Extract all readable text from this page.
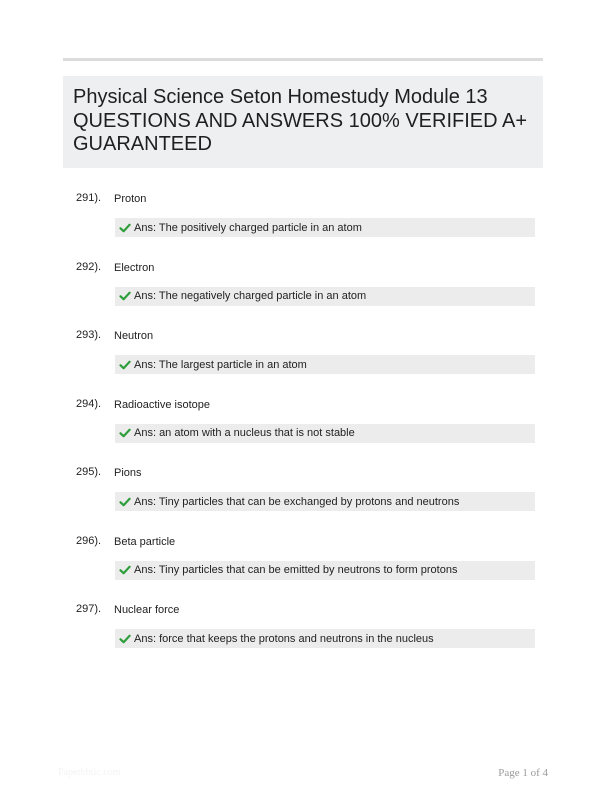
Physical Science Seton Homestudy Module 13 QUESTIONS AND ANSWERS 100% VERIFIED A+ GUARANTEED
291). Proton
Ans: The positively charged particle in an atom
292). Electron
Ans: The negatively charged particle in an atom
293). Neutron
Ans: The largest particle in an atom
294). Radioactive isotope
Ans: an atom with a nucleus that is not stable
295). Pions
Ans: Tiny particles that can be exchanged by protons and neutrons
296). Beta particle
Ans: Tiny particles that can be emitted by neutrons to form protons
297). Nuclear force
Ans: force that keeps the protons and neutrons in the nucleus
Paperbbtic.com	Page 1 of 4
